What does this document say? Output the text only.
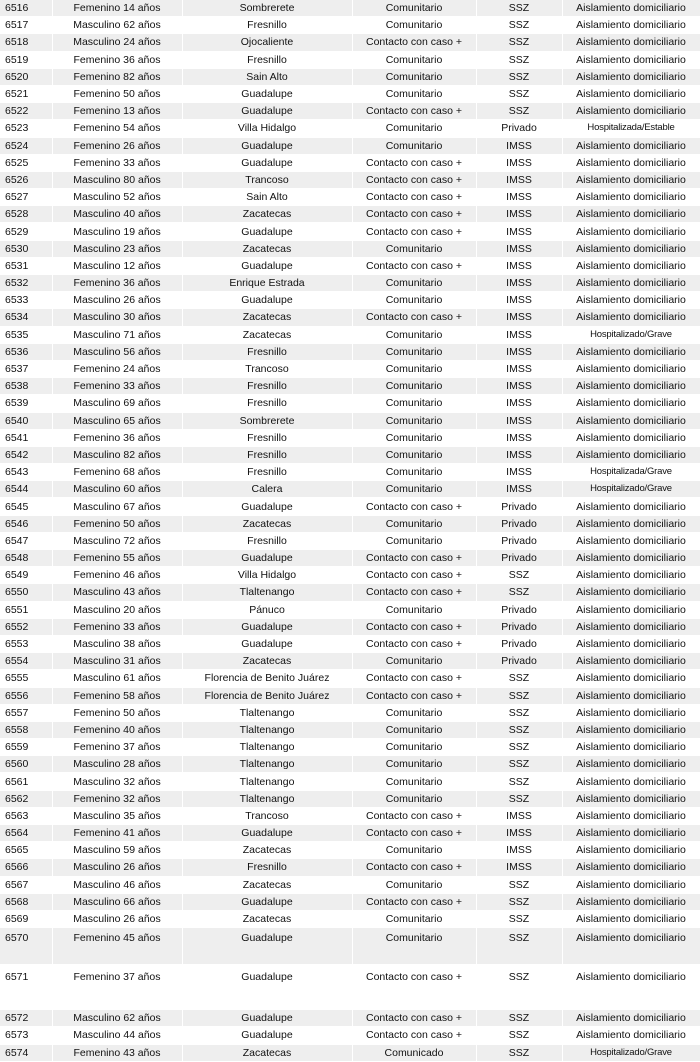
6516	Femenino 14 años	Sombrerete	Comunitario	SSZ	Aislamiento domiciliario
6517	Masculino 62 años	Fresnillo	Comunitario	SSZ	Aislamiento domiciliario
6518	Masculino 24 años	Ojocaliente	Contacto con caso +	SSZ	Aislamiento domiciliario
6519	Femenino 36 años	Fresnillo	Comunitario	SSZ	Aislamiento domiciliario
6520	Femenino 82 años	Sain Alto	Comunitario	SSZ	Aislamiento domiciliario
6521	Femenino 50 años	Guadalupe	Comunitario	SSZ	Aislamiento domiciliario
6522	Femenino 13 años	Guadalupe	Contacto con caso +	SSZ	Aislamiento domiciliario
6523	Femenino 54 años	Villa Hidalgo	Comunitario	Privado	Hospitalizada/Estable
6524	Femenino 26 años	Guadalupe	Comunitario	IMSS	Aislamiento domiciliario
6525	Femenino 33 años	Guadalupe	Contacto con caso +	IMSS	Aislamiento domiciliario
6526	Masculino 80 años	Trancoso	Contacto con caso +	IMSS	Aislamiento domiciliario
6527	Masculino 52 años	Sain Alto	Contacto con caso +	IMSS	Aislamiento domiciliario
6528	Masculino 40 años	Zacatecas	Contacto con caso +	IMSS	Aislamiento domiciliario
6529	Masculino 19 años	Guadalupe	Contacto con caso +	IMSS	Aislamiento domiciliario
6530	Masculino 23 años	Zacatecas	Comunitario	IMSS	Aislamiento domiciliario
6531	Masculino 12 años	Guadalupe	Contacto con caso +	IMSS	Aislamiento domiciliario
6532	Femenino 36 años	Enrique Estrada	Comunitario	IMSS	Aislamiento domiciliario
6533	Masculino 26 años	Guadalupe	Comunitario	IMSS	Aislamiento domiciliario
6534	Masculino 30 años	Zacatecas	Contacto con caso +	IMSS	Aislamiento domiciliario
6535	Masculino 71 años	Zacatecas	Comunitario	IMSS	Hospitalizado/Grave
6536	Masculino 56 años	Fresnillo	Comunitario	IMSS	Aislamiento domiciliario
6537	Femenino 24 años	Trancoso	Comunitario	IMSS	Aislamiento domiciliario
6538	Femenino 33 años	Fresnillo	Comunitario	IMSS	Aislamiento domiciliario
6539	Masculino 69 años	Fresnillo	Comunitario	IMSS	Aislamiento domiciliario
6540	Masculino 65 años	Sombrerete	Comunitario	IMSS	Aislamiento domiciliario
6541	Femenino 36 años	Fresnillo	Comunitario	IMSS	Aislamiento domiciliario
6542	Masculino 82 años	Fresnillo	Comunitario	IMSS	Aislamiento domiciliario
6543	Femenino 68 años	Fresnillo	Comunitario	IMSS	Hospitalizada/Grave
6544	Masculino 60 años	Calera	Comunitario	IMSS	Hospitalizado/Grave
6545	Masculino 67 años	Guadalupe	Contacto con caso +	Privado	Aislamiento domiciliario
6546	Femenino 50 años	Zacatecas	Comunitario	Privado	Aislamiento domiciliario
6547	Masculino 72 años	Fresnillo	Comunitario	Privado	Aislamiento domiciliario
6548	Femenino 55 años	Guadalupe	Contacto con caso +	Privado	Aislamiento domiciliario
6549	Femenino 46 años	Villa Hidalgo	Contacto con caso +	SSZ	Aislamiento domiciliario
6550	Masculino 43 años	Tlaltenango	Contacto con caso +	SSZ	Aislamiento domiciliario
6551	Masculino 20 años	Pánuco	Comunitario	Privado	Aislamiento domiciliario
6552	Femenino 33 años	Guadalupe	Contacto con caso +	Privado	Aislamiento domiciliario
6553	Masculino 38 años	Guadalupe	Contacto con caso +	Privado	Aislamiento domiciliario
6554	Masculino 31 años	Zacatecas	Comunitario	Privado	Aislamiento domiciliario
6555	Masculino 61 años	Florencia de Benito Juárez	Contacto con caso +	SSZ	Aislamiento domiciliario
6556	Femenino 58 años	Florencia de Benito Juárez	Contacto con caso +	SSZ	Aislamiento domiciliario
6557	Femenino 50 años	Tlaltenango	Comunitario	SSZ	Aislamiento domiciliario
6558	Femenino 40 años	Tlaltenango	Comunitario	SSZ	Aislamiento domiciliario
6559	Femenino 37 años	Tlaltenango	Comunitario	SSZ	Aislamiento domiciliario
6560	Masculino 28 años	Tlaltenango	Comunitario	SSZ	Aislamiento domiciliario
6561	Masculino 32 años	Tlaltenango	Comunitario	SSZ	Aislamiento domiciliario
6562	Femenino 32 años	Tlaltenango	Comunitario	SSZ	Aislamiento domiciliario
6563	Masculino 35 años	Trancoso	Contacto con caso +	IMSS	Aislamiento domiciliario
6564	Femenino 41 años	Guadalupe	Contacto con caso +	IMSS	Aislamiento domiciliario
6565	Masculino 59 años	Zacatecas	Comunitario	IMSS	Aislamiento domiciliario
6566	Masculino 26 años	Fresnillo	Contacto con caso +	IMSS	Aislamiento domiciliario
6567	Masculino 46 años	Zacatecas	Comunitario	SSZ	Aislamiento domiciliario
6568	Masculino 66 años	Guadalupe	Contacto con caso +	SSZ	Aislamiento domiciliario
6569	Masculino 26 años	Zacatecas	Comunitario	SSZ	Aislamiento domiciliario
6570	Femenino 45 años	Guadalupe	Comunitario	SSZ	Aislamiento domiciliario
6571	Femenino 37 años	Guadalupe	Contacto con caso +	SSZ	Aislamiento domiciliario
6572	Masculino 62 años	Guadalupe	Contacto con caso +	SSZ	Aislamiento domiciliario
6573	Masculino 44 años	Guadalupe	Contacto con caso +	SSZ	Aislamiento domiciliario
6574	Femenino 43 años	Zacatecas	Comunicado	SSZ	Hospitalizado/Grave
